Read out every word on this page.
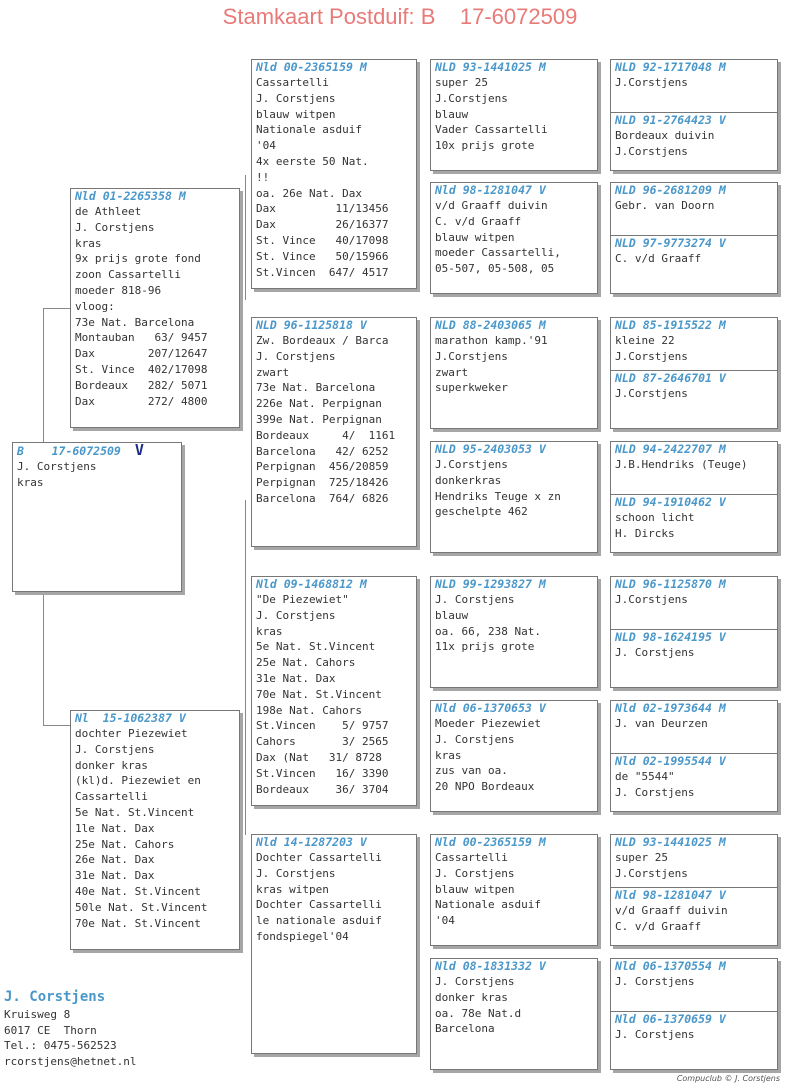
Stamkaart Postduif: B    17-6072509
B    17-6072509 V
J. Corstjens
kras
Nld 01-2265358 M
de Athleet
J. Corstjens
kras
9x prijs grote fond
zoon Cassartelli
moeder 818-96
vloog:
73e Nat. Barcelona
Montauban   63/ 9457
Dax        207/12647
St. Vince  402/17098
Bordeaux   282/ 5071
Dax        272/ 4800
Nl  15-1062387 V
dochter Piezewiet
J. Corstjens
donker kras
(kl)d. Piezewiet en
Cassartelli
5e Nat. St.Vincent
1le Nat. Dax
25e Nat. Cahors
26e Nat. Dax
31e Nat. Dax
40e Nat. St.Vincent
50le Nat. St.Vincent
70e Nat. St.Vincent
Nld 00-2365159 M
Cassartelli
J. Corstjens
blauw witpen
Nationale asduif
'04
4x eerste 50 Nat.
!!
oa. 26e Nat. Dax
Dax         11/13456
Dax         26/16377
St. Vince   40/17098
St. Vince   50/15966
St.Vincen  647/ 4517
NLD 96-1125818 V
Zw. Bordeaux / Barca
J. Corstjens
zwart
73e Nat. Barcelona
226e Nat. Perpignan
399e Nat. Perpignan
Bordeaux     4/  1161
Barcelona   42/ 6252
Perpignan  456/20859
Perpignan  725/18426
Barcelona  764/ 6826
Nld 09-1468812 M
"De Piezewiet"
J. Corstjens
kras
5e Nat. St.Vincent
25e Nat. Cahors
31e Nat. Dax
70e Nat. St.Vincent
198e Nat. Cahors
St.Vincen    5/ 9757
Cahors       3/ 2565
Dax (Nat   31/ 8728
St.Vincen   16/ 3390
Bordeaux    36/ 3704
Nld 14-1287203 V
Dochter Cassartelli
J. Corstjens
kras witpen
Dochter Cassartelli
le nationale asduif
fondspiegel'04
NLD 93-1441025 M
super 25
J.Corstjens
blauw
Vader Cassartelli
10x prijs grote
Nld 98-1281047 V
v/d Graaff duivin
C. v/d Graaff
blauw witpen
moeder Cassartelli,
05-507, 05-508, 05
NLD 88-2403065 M
marathon kamp.'91
J.Corstjens
zwart
superkweker
NLD 95-2403053 V
J.Corstjens
donkerkras
Hendriks Teuge x zn
geschelpte 462
NLD 99-1293827 M
J. Corstjens
blauw
oa. 66, 238 Nat.
11x prijs grote
Nld 06-1370653 V
Moeder Piezewiet
J. Corstjens
kras
zus van oa.
20 NPO Bordeaux
Nld 00-2365159 M
Cassartelli
J. Corstjens
blauw witpen
Nationale asduif
'04
Nld 08-1831332 V
J. Corstjens
donker kras
oa. 78e Nat.d
Barcelona
NLD 92-1717048 M
J.Corstjens
NLD 91-2764423 V
Bordeaux duivin
J.Corstjens
NLD 96-2681209 M
Gebr. van Doorn
NLD 97-9773274 V
C. v/d Graaff
NLD 85-1915522 M
kleine 22
J.Corstjens
NLD 87-2646701 V
J.Corstjens
NLD 94-2422707 M
J.B.Hendriks (Teuge)
NLD 94-1910462 V
schoon licht
H. Dircks
NLD 96-1125870 M
J.Corstjens
NLD 98-1624195 V
J. Corstjens
Nld 02-1973644 M
J. van Deurzen
Nld 02-1995544 V
de "5544"
J. Corstjens
NLD 93-1441025 M
super 25
J.Corstjens
Nld 98-1281047 V
v/d Graaff duivin
C. v/d Graaff
Nld 06-1370554 M
J. Corstjens
Nld 06-1370659 V
J. Corstjens
J. Corstjens
Kruisweg 8
6017 CE  Thorn
Tel.: 0475-562523
rcorstjens@hetnet.nl
Compuclub © J. Corstjens
